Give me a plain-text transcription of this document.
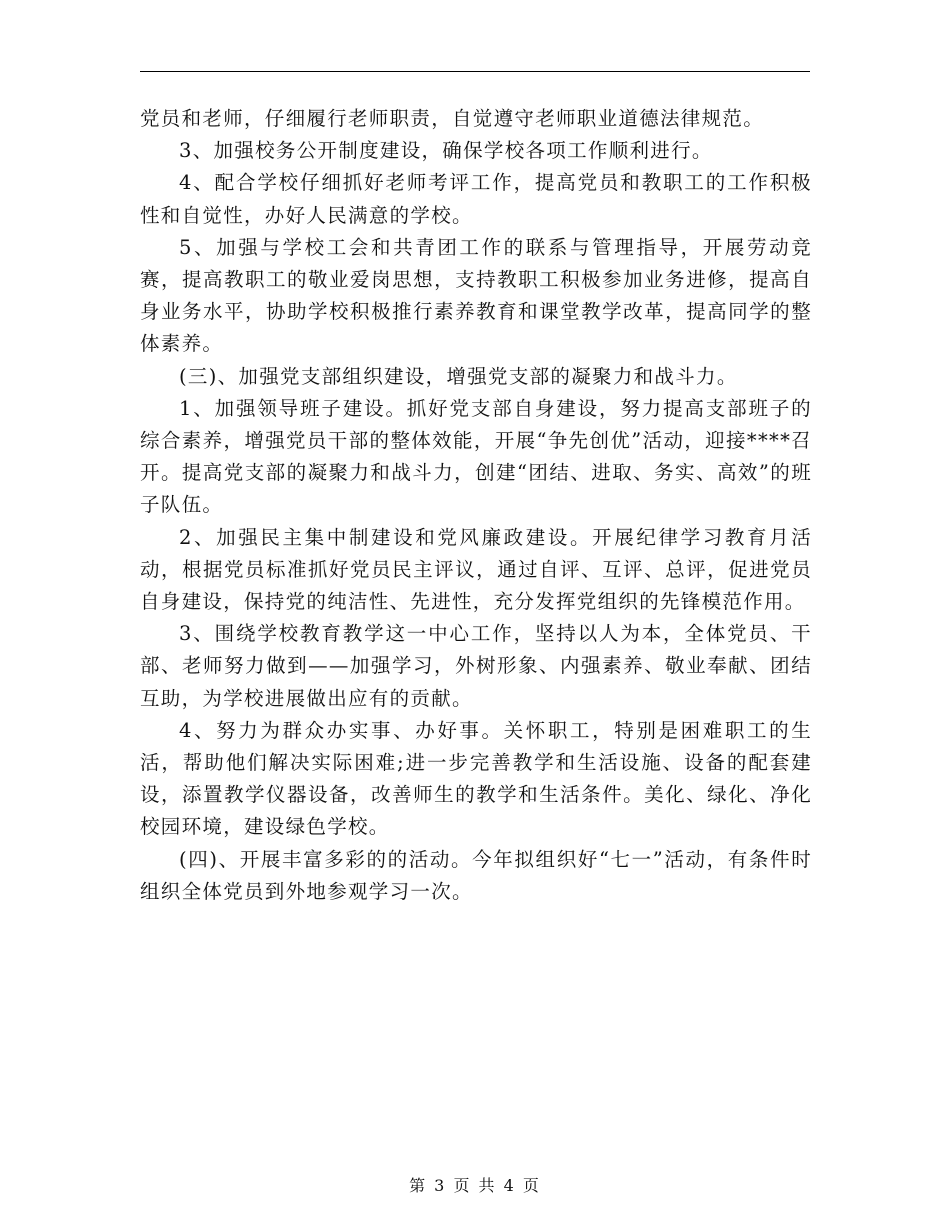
党员和老师，仔细履行老师职责，自觉遵守老师职业道德法律规范。

3、加强校务公开制度建设，确保学校各项工作顺利进行。

4、配合学校仔细抓好老师考评工作，提高党员和教职工的工作积极性和自觉性，办好人民满意的学校。

5、加强与学校工会和共青团工作的联系与管理指导，开展劳动竞赛，提高教职工的敬业爱岗思想，支持教职工积极参加业务进修，提高自身业务水平，协助学校积极推行素养教育和课堂教学改革，提高同学的整体素养。

(三)、加强党支部组织建设，增强党支部的凝聚力和战斗力。

1、加强领导班子建设。抓好党支部自身建设，努力提高支部班子的综合素养，增强党员干部的整体效能，开展“争先创优”活动，迎接****召开。提高党支部的凝聚力和战斗力，创建“团结、进取、务实、高效”的班子队伍。

2、加强民主集中制建设和党风廉政建设。开展纪律学习教育月活动，根据党员标准抓好党员民主评议，通过自评、互评、总评，促进党员自身建设，保持党的纯洁性、先进性，充分发挥党组织的先锋模范作用。

3、围绕学校教育教学这一中心工作，坚持以人为本，全体党员、干部、老师努力做到——加强学习，外树形象、内强素养、敬业奉献、团结互助，为学校进展做出应有的贡献。

4、努力为群众办实事、办好事。关怀职工，特别是困难职工的生活，帮助他们解决实际困难;进一步完善教学和生活设施、设备的配套建设，添置教学仪器设备，改善师生的教学和生活条件。美化、绿化、净化校园环境，建设绿色学校。

(四)、开展丰富多彩的的活动。今年拟组织好“七一”活动，有条件时组织全体党员到外地参观学习一次。

第 3 页 共 4 页
